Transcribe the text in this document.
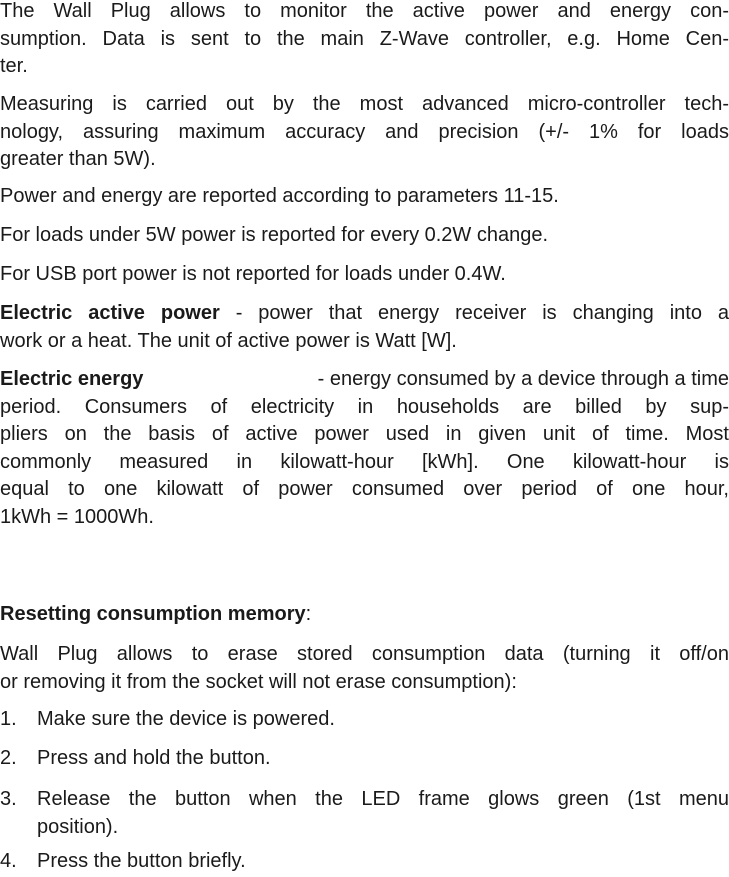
The Wall Plug allows to monitor the active power and energy con-
sumption. Data is sent to the main Z-Wave controller, e.g. Home Cen-
ter.
Measuring is carried out by the most advanced micro-controller tech-
nology, assuring maximum accuracy and precision (+/- 1% for loads
greater than 5W).
Power and energy are reported according to parameters 11-15.
For loads under 5W power is reported for every 0.2W change.
For USB port power is not reported for loads under 0.4W.
Electric active power - power that energy receiver is changing into a
work or a heat. The unit of active power is Watt [W].
Electric energy	- energy consumed by a device through a time
period. Consumers of electricity in households are billed by sup-
pliers on the basis of active power used in given unit of time. Most
commonly measured in kilowatt-hour [kWh]. One kilowatt-hour is
equal to one kilowatt of power consumed over period of one hour,
1kWh = 1000Wh.
Resetting consumption memory:
Wall Plug allows to erase stored consumption data (turning it off/on
or removing it from the socket will not erase consumption):
1.	Make sure the device is powered.
2.	Press and hold the button.
3.	Release the button when the LED frame glows green (1st menu
position).
4.	Press the button briefly.
